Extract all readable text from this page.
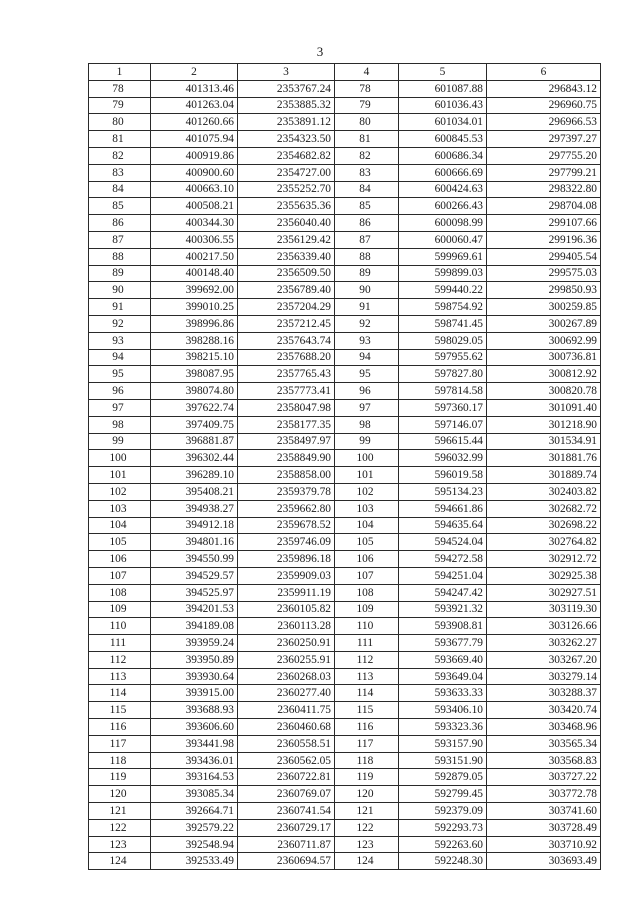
3
1	2	3	4	5	6
78	401313.46	2353767.24	78	601087.88	296843.12
79	401263.04	2353885.32	79	601036.43	296960.75
80	401260.66	2353891.12	80	601034.01	296966.53
81	401075.94	2354323.50	81	600845.53	297397.27
82	400919.86	2354682.82	82	600686.34	297755.20
83	400900.60	2354727.00	83	600666.69	297799.21
84	400663.10	2355252.70	84	600424.63	298322.80
85	400508.21	2355635.36	85	600266.43	298704.08
86	400344.30	2356040.40	86	600098.99	299107.66
87	400306.55	2356129.42	87	600060.47	299196.36
88	400217.50	2356339.40	88	599969.61	299405.54
89	400148.40	2356509.50	89	599899.03	299575.03
90	399692.00	2356789.40	90	599440.22	299850.93
91	399010.25	2357204.29	91	598754.92	300259.85
92	398996.86	2357212.45	92	598741.45	300267.89
93	398288.16	2357643.74	93	598029.05	300692.99
94	398215.10	2357688.20	94	597955.62	300736.81
95	398087.95	2357765.43	95	597827.80	300812.92
96	398074.80	2357773.41	96	597814.58	300820.78
97	397622.74	2358047.98	97	597360.17	301091.40
98	397409.75	2358177.35	98	597146.07	301218.90
99	396881.87	2358497.97	99	596615.44	301534.91
100	396302.44	2358849.90	100	596032.99	301881.76
101	396289.10	2358858.00	101	596019.58	301889.74
102	395408.21	2359379.78	102	595134.23	302403.82
103	394938.27	2359662.80	103	594661.86	302682.72
104	394912.18	2359678.52	104	594635.64	302698.22
105	394801.16	2359746.09	105	594524.04	302764.82
106	394550.99	2359896.18	106	594272.58	302912.72
107	394529.57	2359909.03	107	594251.04	302925.38
108	394525.97	2359911.19	108	594247.42	302927.51
109	394201.53	2360105.82	109	593921.32	303119.30
110	394189.08	2360113.28	110	593908.81	303126.66
111	393959.24	2360250.91	111	593677.79	303262.27
112	393950.89	2360255.91	112	593669.40	303267.20
113	393930.64	2360268.03	113	593649.04	303279.14
114	393915.00	2360277.40	114	593633.33	303288.37
115	393688.93	2360411.75	115	593406.10	303420.74
116	393606.60	2360460.68	116	593323.36	303468.96
117	393441.98	2360558.51	117	593157.90	303565.34
118	393436.01	2360562.05	118	593151.90	303568.83
119	393164.53	2360722.81	119	592879.05	303727.22
120	393085.34	2360769.07	120	592799.45	303772.78
121	392664.71	2360741.54	121	592379.09	303741.60
122	392579.22	2360729.17	122	592293.73	303728.49
123	392548.94	2360711.87	123	592263.60	303710.92
124	392533.49	2360694.57	124	592248.30	303693.49
